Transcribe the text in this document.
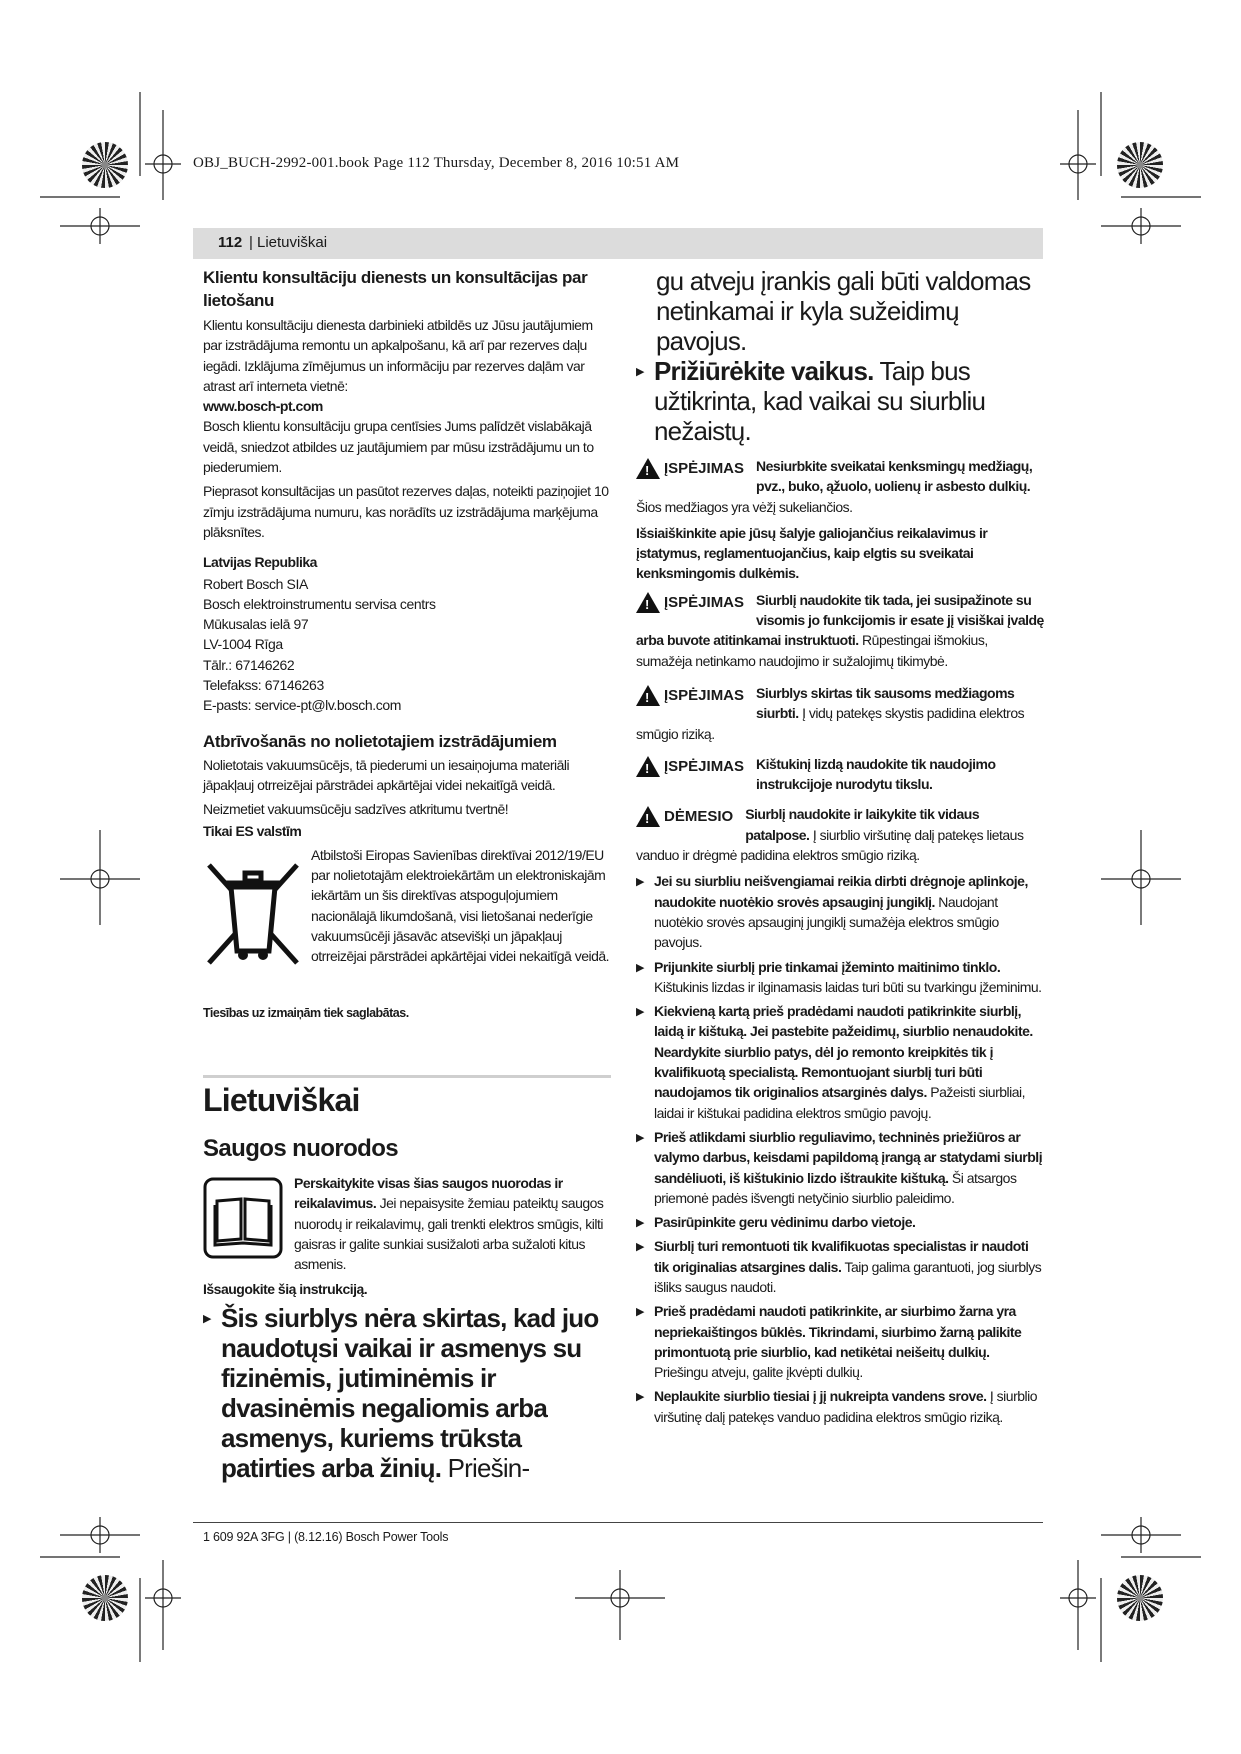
OBJ_BUCH-2992-001.book Page 112 Thursday, December 8, 2016 10:51 AM
112 | Lietuviškai

Klientu konsultāciju dienests un konsultācijas par lietošanu

Klientu konsultāciju dienesta darbinieki atbildēs uz Jūsu jautājumiem par izstrādājuma remontu un apkalpošanu, kā arī par rezerves daļu iegādi. Izklājuma zīmējumus un informāciju par rezerves daļām var atrast arī interneta vietnē:

www.bosch-pt.com

Bosch klientu konsultāciju grupa centīsies Jums palīdzēt vislabākajā veidā, sniedzot atbildes uz jautājumiem par mūsu izstrādājumu un to piederumiem.

Pieprasot konsultācijas un pasūtot rezerves daļas, noteikti paziņojiet 10 zīmju izstrādājuma numuru, kas norādīts uz izstrādājuma marķējuma plāksnītes.

Latvijas Republika

Robert Bosch SIA

Bosch elektroinstrumentu servisa centrs

Mūkusalas ielā 97

LV-1004 Rīga

Tālr.: 67146262

Telefakss: 67146263

E-pasts: service-pt@lv.bosch.com

Atbrīvošanās no nolietotajiem izstrādājumiem

Nolietotais vakuumsūcējs, tā piederumi un iesaiņojuma materiāli jāpakļauj otrreizējai pārstrādei apkārtējai videi nekaitīgā veidā.

Neizmetiet vakuumsūcēju sadzīves atkritumu tvertnē!

Tikai ES valstīm

Atbilstoši Eiropas Savienības direktīvai 2012/19/EU par nolietotajām elektroiekārtām un elektroniskajām iekārtām un šis direktīvas atspoguļojumiem nacionālajā likumdošanā, visi lietošanai nederīgie vakuumsūcēji jāsavāc atsevišķi un jāpakļauj otrreizējai pārstrādei apkārtējai videi nekaitīgā veidā.

Tiesības uz izmaiņām tiek saglabātas.

Lietuviškai

Saugos nuorodos

Perskaitykite visas šias saugos nuorodas ir reikalavimus. Jei nepaisysite žemiau pateiktų saugos nuorodų ir reikalavimų, gali trenkti elektros smūgis, kilti gaisras ir galite sunkiai susižaloti arba sužaloti kitus asmenis.

Išsaugokite šią instrukciją.

▶ Šis siurblys nėra skirtas, kad juo naudotųsi vaikai ir asmenys su fizinėmis, jutiminėmis ir dvasinėmis negaliomis arba asmenys, kuriems trūksta patirties arba žinių. Priešin-

gu atveju įrankis gali būti valdomas netinkamai ir kyla sužeidimų pavojus.

▶ Prižiūrėkite vaikus. Taip bus užtikrinta, kad vaikai su siurbliu nežaistų.

! ĮSPĖJIMAS Nesiurbkite sveikatai kenksmingų medžiagų, pvz., buko, ąžuolo, uolienų ir asbesto dulkių. Šios medžiagos yra vėžį sukeliančios.

Išsiaiškinkite apie jūsų šalyje galiojančius reikalavimus ir įstatymus, reglamentuojančius, kaip elgtis su sveikatai kenksmingomis dulkėmis.

! ĮSPĖJIMAS Siurblį naudokite tik tada, jei susipažinote su visomis jo funkcijomis ir esate jį visiškai įvaldę arba buvote atitinkamai instruktuoti. Rūpestingai išmokius, sumažėja netinkamo naudojimo ir sužalojimų tikimybė.

! ĮSPĖJIMAS Siurblys skirtas tik sausoms medžiagoms siurbti. Į vidų patekęs skystis padidina elektros smūgio riziką.

! ĮSPĖJIMAS Kištukinį lizdą naudokite tik naudojimo instrukcijoje nurodytu tikslu.

! DĖMESIO Siurblį naudokite ir laikykite tik vidaus patalpose. Į siurblio viršutinę dalį patekęs lietaus vanduo ir drėgmė padidina elektros smūgio riziką.

▶ Jei su siurbliu neišvengiamai reikia dirbti drėgnoje aplinkoje, naudokite nuotėkio srovės apsauginį jungiklį. Naudojant nuotėkio srovės apsauginį jungiklį sumažėja elektros smūgio pavojus.

▶ Prijunkite siurblį prie tinkamai įžeminto maitinimo tinklo. Kištukinis lizdas ir ilginamasis laidas turi būti su tvarkingu įžeminimu.

▶ Kiekvieną kartą prieš pradėdami naudoti patikrinkite siurblį, laidą ir kištuką. Jei pastebite pažeidimų, siurblio nenaudokite. Neardykite siurblio patys, dėl jo remonto kreipkitės tik į kvalifikuotą specialistą. Remontuojant siurblį turi būti naudojamos tik originalios atsarginės dalys. Pažeisti siurbliai, laidai ir kištukai padidina elektros smūgio pavojų.

▶ Prieš atlikdami siurblio reguliavimo, techninės priežiūros ar valymo darbus, keisdami papildomą įrangą ar statydami siurblį sandėliuoti, iš kištukinio lizdo ištraukite kištuką. Ši atsargos priemonė padės išvengti netyčinio siurblio paleidimo.

▶ Pasirūpinkite geru vėdinimu darbo vietoje.

▶ Siurblį turi remontuoti tik kvalifikuotas specialistas ir naudoti tik originalias atsargines dalis. Taip galima garantuoti, jog siurblys išliks saugus naudoti.

▶ Prieš pradėdami naudoti patikrinkite, ar siurbimo žarna yra nepriekaištingos būklės. Tikrindami, siurbimo žarną palikite primontuotą prie siurblio, kad netikėtai neišeitų dulkių. Priešingu atveju, galite įkvėpti dulkių.

▶ Neplaukite siurblio tiesiai į jį nukreipta vandens srove. Į siurblio viršutinę dalį patekęs vanduo padidina elektros smūgio riziką.

1 609 92A 3FG | (8.12.16) Bosch Power Tools
